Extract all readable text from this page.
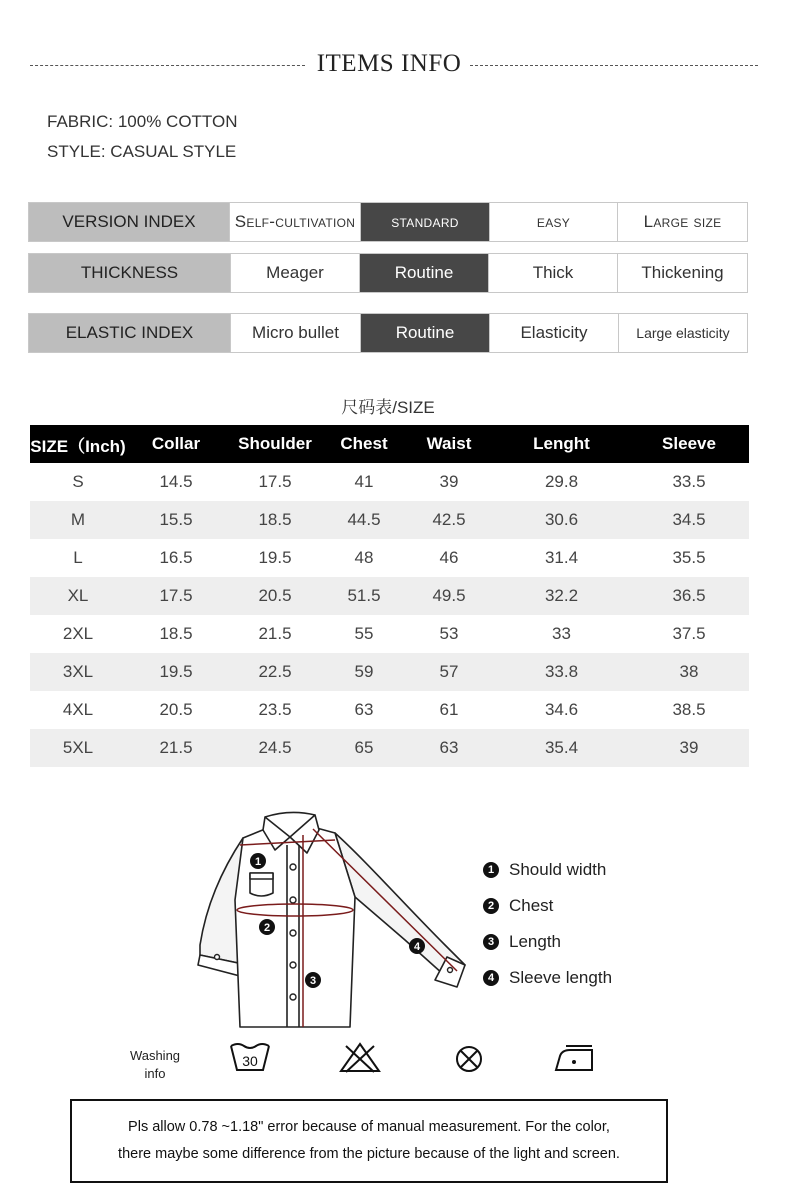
ITEMS INFO
FABRIC: 100% COTTON
STYLE: CASUAL STYLE
VERSION INDEX	Self-cultivation	standard	easy	Large size
THICKNESS	Meager	Routine	Thick	Thickening
ELASTIC INDEX	Micro bullet	Routine	Elasticity	Large elasticity
尺码表/SIZE
SIZE（Inch)	Collar	Shoulder	Chest	Waist	Lenght	Sleeve
S	14.5	17.5	41	39	29.8	33.5
M	15.5	18.5	44.5	42.5	30.6	34.5
L	16.5	19.5	48	46	31.4	35.5
XL	17.5	20.5	51.5	49.5	32.2	36.5
2XL	18.5	21.5	55	53	33	37.5
3XL	19.5	22.5	59	57	33.8	38
4XL	20.5	23.5	63	61	34.6	38.5
5XL	21.5	24.5	65	63	35.4	39
1
2
3
4
1 Should width
2 Chest
3 Length
4 Sleeve length
Washing
info
30
Pls allow 0.78 ~1.18" error because of manual measurement. For the color,
there maybe some difference from the picture because of the light and screen.
